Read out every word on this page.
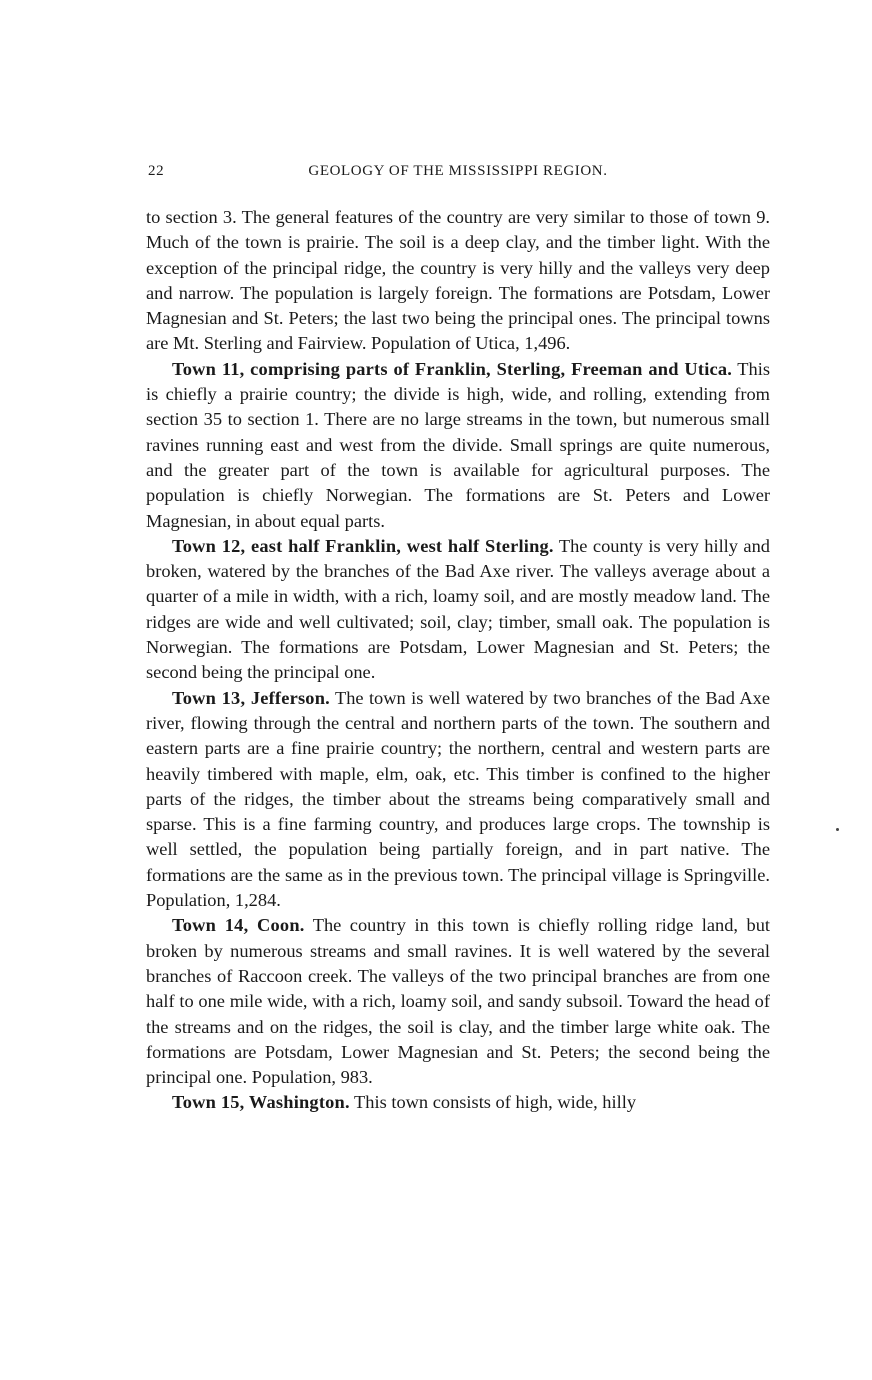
22	GEOLOGY OF THE MISSISSIPPI REGION.

to section 3. The general features of the country are very similar to those of town 9. Much of the town is prairie. The soil is a deep clay, and the timber light. With the exception of the principal ridge, the country is very hilly and the valleys very deep and narrow. The population is largely foreign. The formations are Potsdam, Lower Magnesian and St. Peters; the last two being the principal ones. The principal towns are Mt. Sterling and Fairview. Population of Utica, 1,496.

Town 11, comprising parts of Franklin, Sterling, Freeman and Utica. This is chiefly a prairie country; the divide is high, wide, and rolling, extending from section 35 to section 1. There are no large streams in the town, but numerous small ravines running east and west from the divide. Small springs are quite numerous, and the greater part of the town is available for agricultural purposes. The population is chiefly Norwegian. The formations are St. Peters and Lower Magnesian, in about equal parts.

Town 12, east half Franklin, west half Sterling. The county is very hilly and broken, watered by the branches of the Bad Axe river. The valleys average about a quarter of a mile in width, with a rich, loamy soil, and are mostly meadow land. The ridges are wide and well cultivated; soil, clay; timber, small oak. The population is Norwegian. The formations are Potsdam, Lower Magnesian and St. Peters; the second being the principal one.

Town 13, Jefferson. The town is well watered by two branches of the Bad Axe river, flowing through the central and northern parts of the town. The southern and eastern parts are a fine prairie country; the northern, central and western parts are heavily timbered with maple, elm, oak, etc. This timber is confined to the higher parts of the ridges, the timber about the streams being comparatively small and sparse. This is a fine farming country, and produces large crops. The township is well settled, the population being partially foreign, and in part native. The formations are the same as in the previous town. The principal village is Springville. Population, 1,284.

Town 14, Coon. The country in this town is chiefly rolling ridge land, but broken by numerous streams and small ravines. It is well watered by the several branches of Raccoon creek. The valleys of the two principal branches are from one half to one mile wide, with a rich, loamy soil, and sandy subsoil. Toward the head of the streams and on the ridges, the soil is clay, and the timber large white oak. The formations are Potsdam, Lower Magnesian and St. Peters; the second being the principal one. Population, 983.

Town 15, Washington. This town consists of high, wide, hilly
